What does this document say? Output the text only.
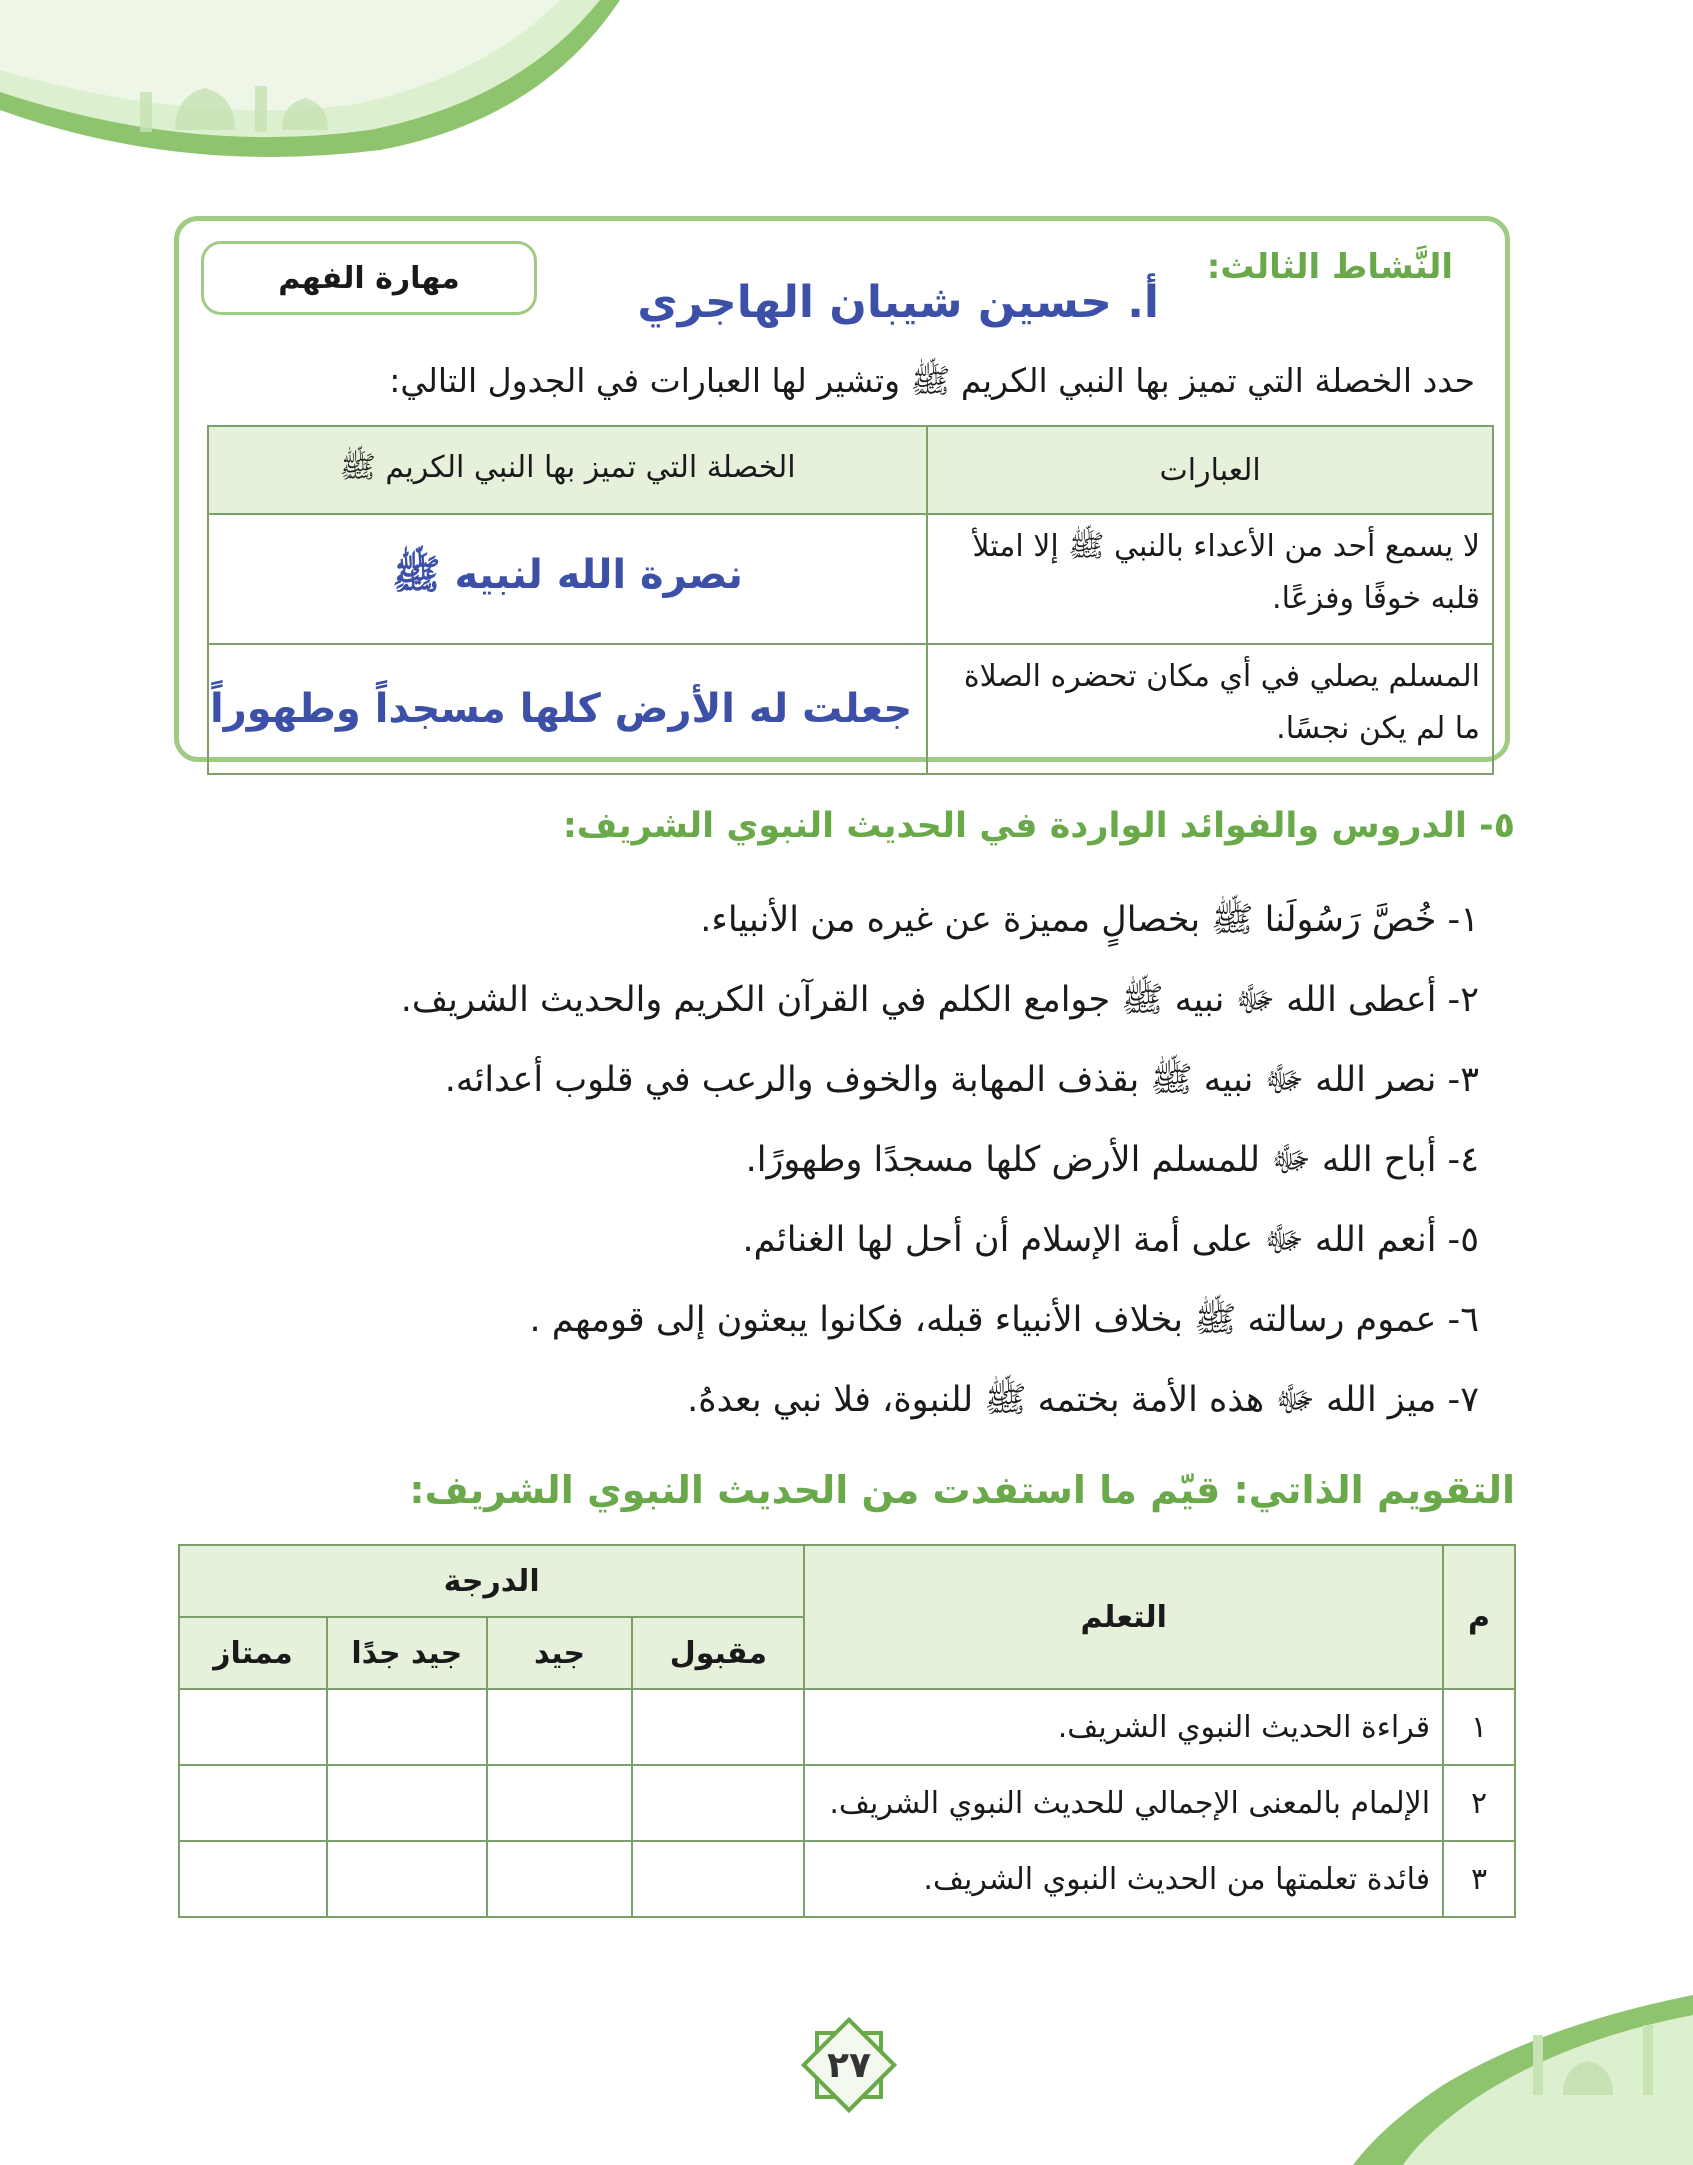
النَّشاط الثالث:
مهارة الفهم	أ. حسين شيبان الهاجري
حدد الخصلة التي تميز بها النبي الكريم ﷺ وتشير لها العبارات في الجدول التالي:
العبارات	الخصلة التي تميز بها النبي الكريم ﷺ
لا يسمع أحد من الأعداء بالنبي ﷺ إلا امتلأ قلبه خوفًا وفزعًا.	نصرة الله لنبيه ﷺ
المسلم يصلي في أي مكان تحضره الصلاة ما لم يكن نجسًا.	جعلت له الأرض كلها مسجداً وطهوراً
٥- الدروس والفوائد الواردة في الحديث النبوي الشريف:
١- خُصَّ رَسُولَنا ﷺ بخصالٍ مميزة عن غيره من الأنبياء.
٢- أعطى الله ﷻ نبيه ﷺ جوامع الكلم في القرآن الكريم والحديث الشريف.
٣- نصر الله ﷻ نبيه ﷺ بقذف المهابة والخوف والرعب في قلوب أعدائه.
٤- أباح الله ﷻ للمسلم الأرض كلها مسجدًا وطهورًا.
٥- أنعم الله ﷻ على أمة الإسلام أن أحل لها الغنائم.
٦- عموم رسالته ﷺ بخلاف الأنبياء قبله، فكانوا يبعثون إلى قومهم .
٧- ميز الله ﷻ هذه الأمة بختمه ﷺ للنبوة، فلا نبي بعدهُ.
التقويم الذاتي: قيّم ما استفدت من الحديث النبوي الشريف:
م	التعلم	الدرجة			
		مقبول	جيد	جيد جدًا	ممتاز
١	قراءة الحديث النبوي الشريف.				
٢	الإلمام بالمعنى الإجمالي للحديث النبوي الشريف.				
٣	فائدة تعلمتها من الحديث النبوي الشريف.				
٢٧
